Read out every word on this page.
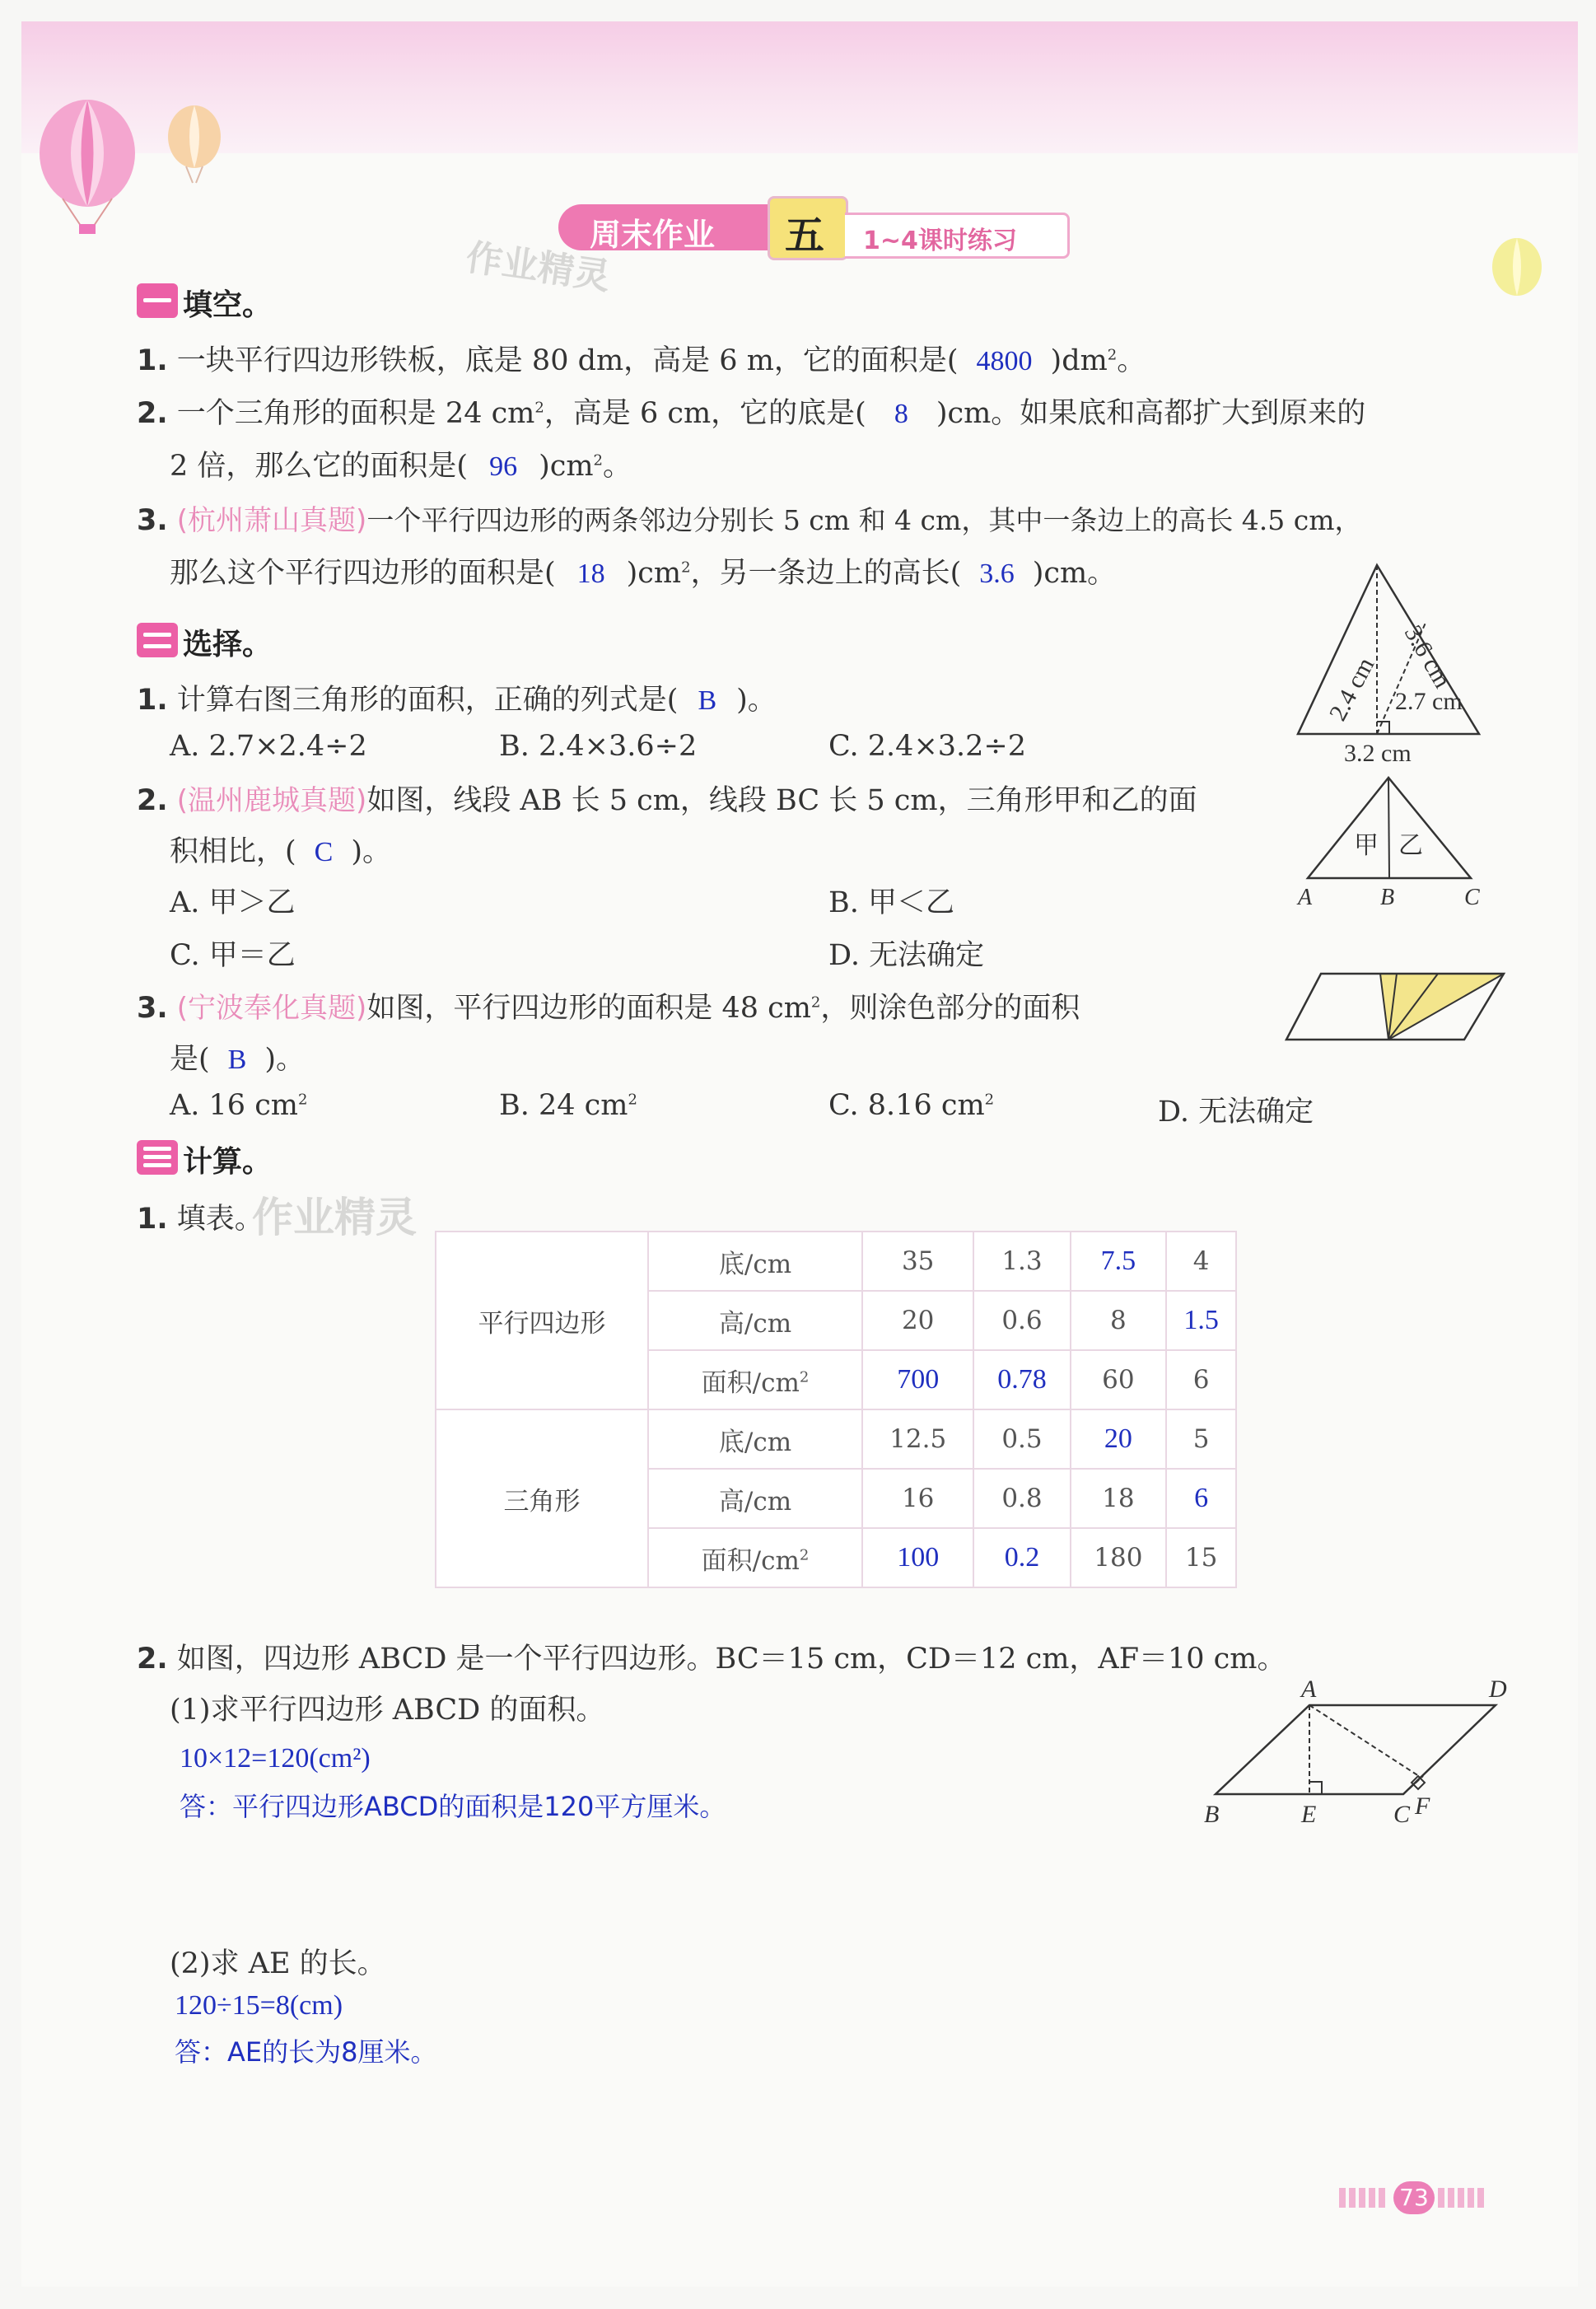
周末作业 五 1~4课时练习
作业精灵
填空。
1. 一块平行四边形铁板，底是 80 dm，高是 6 m，它的面积是( 4800 )$dm^2$。
2. 一个三角形的面积是 24 $cm^2$，高是 6 cm，它的底是( 8 )cm。如果底和高都扩大到原来的
2 倍，那么它的面积是( 96 )$cm^2$。
3. (杭州萧山真题)一个平行四边形的两条邻边分别长 5 cm 和 4 cm，其中一条边上的高长 4.5 cm，
那么这个平行四边形的面积是( 18 )$cm^2$，另一条边上的高长( 3.6 )cm。
选择。
1. 计算右图三角形的面积，正确的列式是( B )。
A. 2.7×2.4÷2	B. 2.4×3.6÷2	C. 2.4×3.2÷2
3.6 cm
2.4 cm 2.7 cm
3.2 cm
2. (温州鹿城真题)如图，线段 AB 长 5 cm，线段 BC 长 5 cm，三角形甲和乙的面
积相比，( C )。
A. 甲＞乙	B. 甲＜乙
C. 甲＝乙	D. 无法确定
甲 乙
A	B	C
3. (宁波奉化真题)如图，平行四边形的面积是 48 $cm^2$，则涂色部分的面积
是( B )。
A. 16 $cm^2$	B. 24 $cm^2$	C. 8.16 $cm^2$	D. 无法确定
计算。
1. 填表。
作业精灵
平行四边形	底/cm	35	1.3	7.5	4
	高/cm	20	0.6	8	1.5
	面积$/cm^2$	700	0.78	60	6
三角形	底/cm	12.5	0.5	20	5
	高/cm	16	0.8	18	6
	面积$/cm^2$	100	0.2	180	15
2. 如图，四边形 ABCD 是一个平行四边形。BC＝15 cm，CD＝12 cm，AF＝10 cm。
(1)求平行四边形 ABCD 的面积。
10×12=120(cm²)
答：平行四边形ABCD的面积是120平方厘米。
A	D
B	E	C F
(2)求 AE 的长。
120÷15=8(cm)
答：AE的长为8厘米。
73
